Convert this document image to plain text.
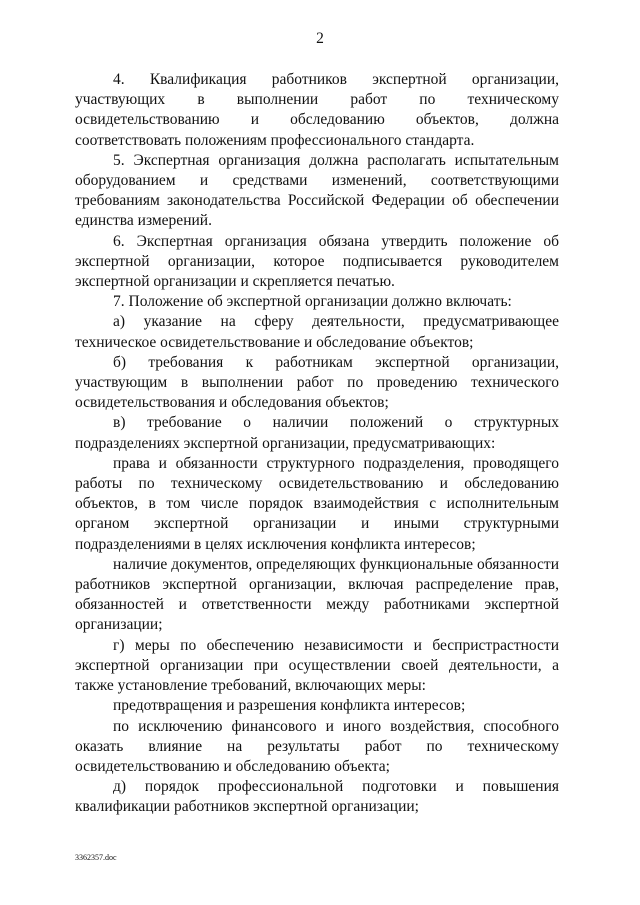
2

4. Квалификация работников экспертной организации, участвующих в выполнении работ по техническому освидетельствованию и обследованию объектов, должна соответствовать положениям профессионального стандарта.

5. Экспертная организация должна располагать испытательным оборудованием и средствами изменений, соответствующими требованиям законодательства Российской Федерации об обеспечении единства измерений.

6. Экспертная организация обязана утвердить положение об экспертной организации, которое подписывается руководителем экспертной организации и скрепляется печатью.

7. Положение об экспертной организации должно включать:

а) указание на сферу деятельности, предусматривающее техническое освидетельствование и обследование объектов;

б) требования к работникам экспертной организации, участвующим в выполнении работ по проведению технического освидетельствования и обследования объектов;

в) требование о наличии положений о структурных подразделениях экспертной организации, предусматривающих:

права и обязанности структурного подразделения, проводящего работы по техническому освидетельствованию и обследованию объектов, в том числе порядок взаимодействия с исполнительным органом экспертной организации и иными структурными подразделениями в целях исключения конфликта интересов;

наличие документов, определяющих функциональные обязанности работников экспертной организации, включая распределение прав, обязанностей и ответственности между работниками экспертной организации;

г) меры по обеспечению независимости и беспристрастности экспертной организации при осуществлении своей деятельности, а также установление требований, включающих меры:

предотвращения и разрешения конфликта интересов;

по исключению финансового и иного воздействия, способного оказать влияние на результаты работ по техническому освидетельствованию и обследованию объекта;

д) порядок профессиональной подготовки и повышения квалификации работников экспертной организации;

3362357.doc
